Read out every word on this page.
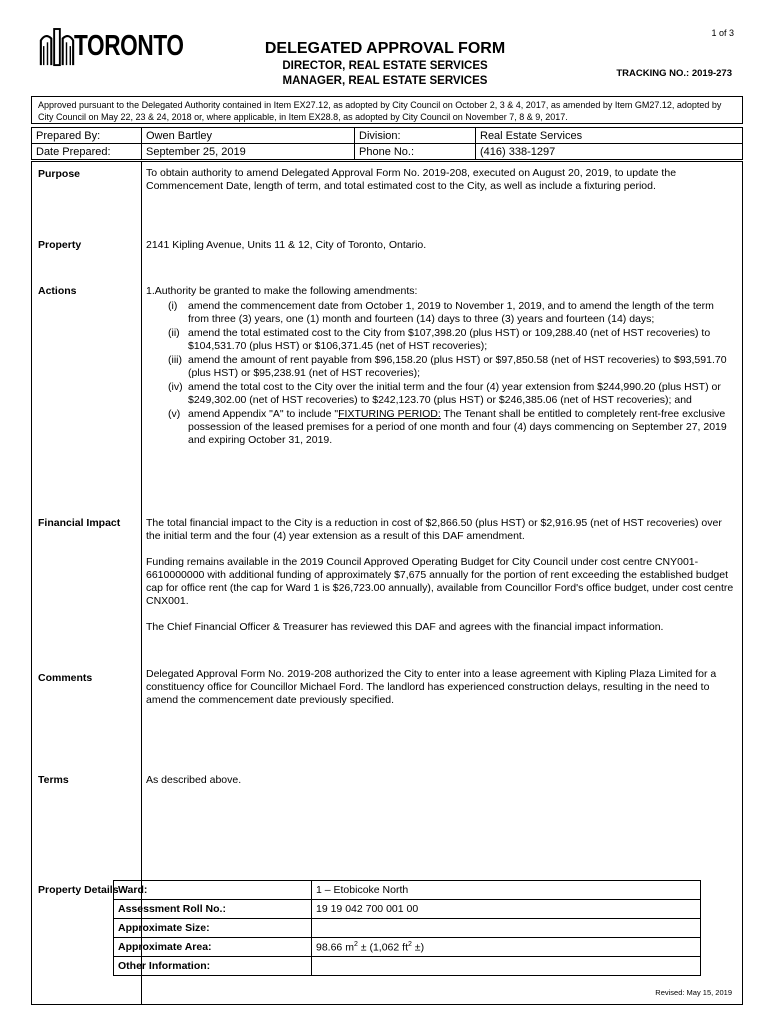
1 of 3
TORONTO	DELEGATED APPROVAL FORM
DIRECTOR, REAL ESTATE SERVICES
MANAGER, REAL ESTATE SERVICES
TRACKING NO.: 2019-273
Approved pursuant to the Delegated Authority contained in Item EX27.12, as adopted by City Council on October 2, 3 & 4, 2017, as amended by Item GM27.12, adopted by City Council on May 22, 23 & 24, 2018 or, where applicable, in Item EX28.8, as adopted by City Council on November 7, 8 & 9, 2017.
Prepared By:	Owen Bartley	Division:	Real Estate Services
Date Prepared:	September 25, 2019	Phone No.:	(416) 338-1297
Purpose	To obtain authority to amend Delegated Approval Form No. 2019-208, executed on August 20, 2019, to update the Commencement Date, length of term, and total estimated cost to the City, as well as include a fixturing period.
Property	2141 Kipling Avenue, Units 11 & 12, City of Toronto, Ontario.
Actions	1.Authority be granted to make the following amendments:
(i)	amend the commencement date from October 1, 2019 to November 1, 2019, and to amend the length of the term from three (3) years, one (1) month and fourteen (14) days to three (3) years and fourteen (14) days;
(ii) amend the total estimated cost to the City from $107,398.20 (plus HST) or 109,288.40 (net of HST recoveries) to $104,531.70 (plus HST) or $106,371.45 (net of HST recoveries);
(iii) amend the amount of rent payable from $96,158.20 (plus HST) or $97,850.58 (net of HST recoveries) to $93,591.70 (plus HST) or $95,238.91 (net of HST recoveries);
(iv) amend the total cost to the City over the initial term and the four (4) year extension from $244,990.20 (plus HST) or $249,302.00 (net of HST recoveries) to $242,123.70 (plus HST) or $246,385.06 (net of HST recoveries); and
(v) amend Appendix "A" to include "FIXTURING PERIOD: The Tenant shall be entitled to completely rent-free exclusive possession of the leased premises for a period of one month and four (4) days commencing on September 27, 2019 and expiring October 31, 2019.
Financial Impact The total financial impact to the City is a reduction in cost of $2,866.50 (plus HST) or $2,916.95 (net of HST recoveries) over the initial term and the four (4) year extension as a result of this DAF amendment.
Funding remains available in the 2019 Council Approved Operating Budget for City Council under cost centre CNY001-6610000000 with additional funding of approximately $7,675 annually for the portion of rent exceeding the established budget cap for office rent (the cap for Ward 1 is $26,723.00 annually), available from Councillor Ford's office budget, under cost centre CNX001.
The Chief Financial Officer & Treasurer has reviewed this DAF and agrees with the financial impact information.
Comments	Delegated Approval Form No. 2019-208 authorized the City to enter into a lease agreement with Kipling Plaza Limited for a constituency office for Councillor Michael Ford. The landlord has experienced construction delays, resulting in the need to amend the commencement date previously specified.
Terms	As described above.
Property Details Ward:	1 – Etobicoke North
Assessment Roll No.:	19 19 042 700 001 00
Approximate Size:	
Approximate Area:	98.66 $m^2 \pm (1,062$ $ft^2$ ±)
Other Information:	
Revised: May 15, 2019
